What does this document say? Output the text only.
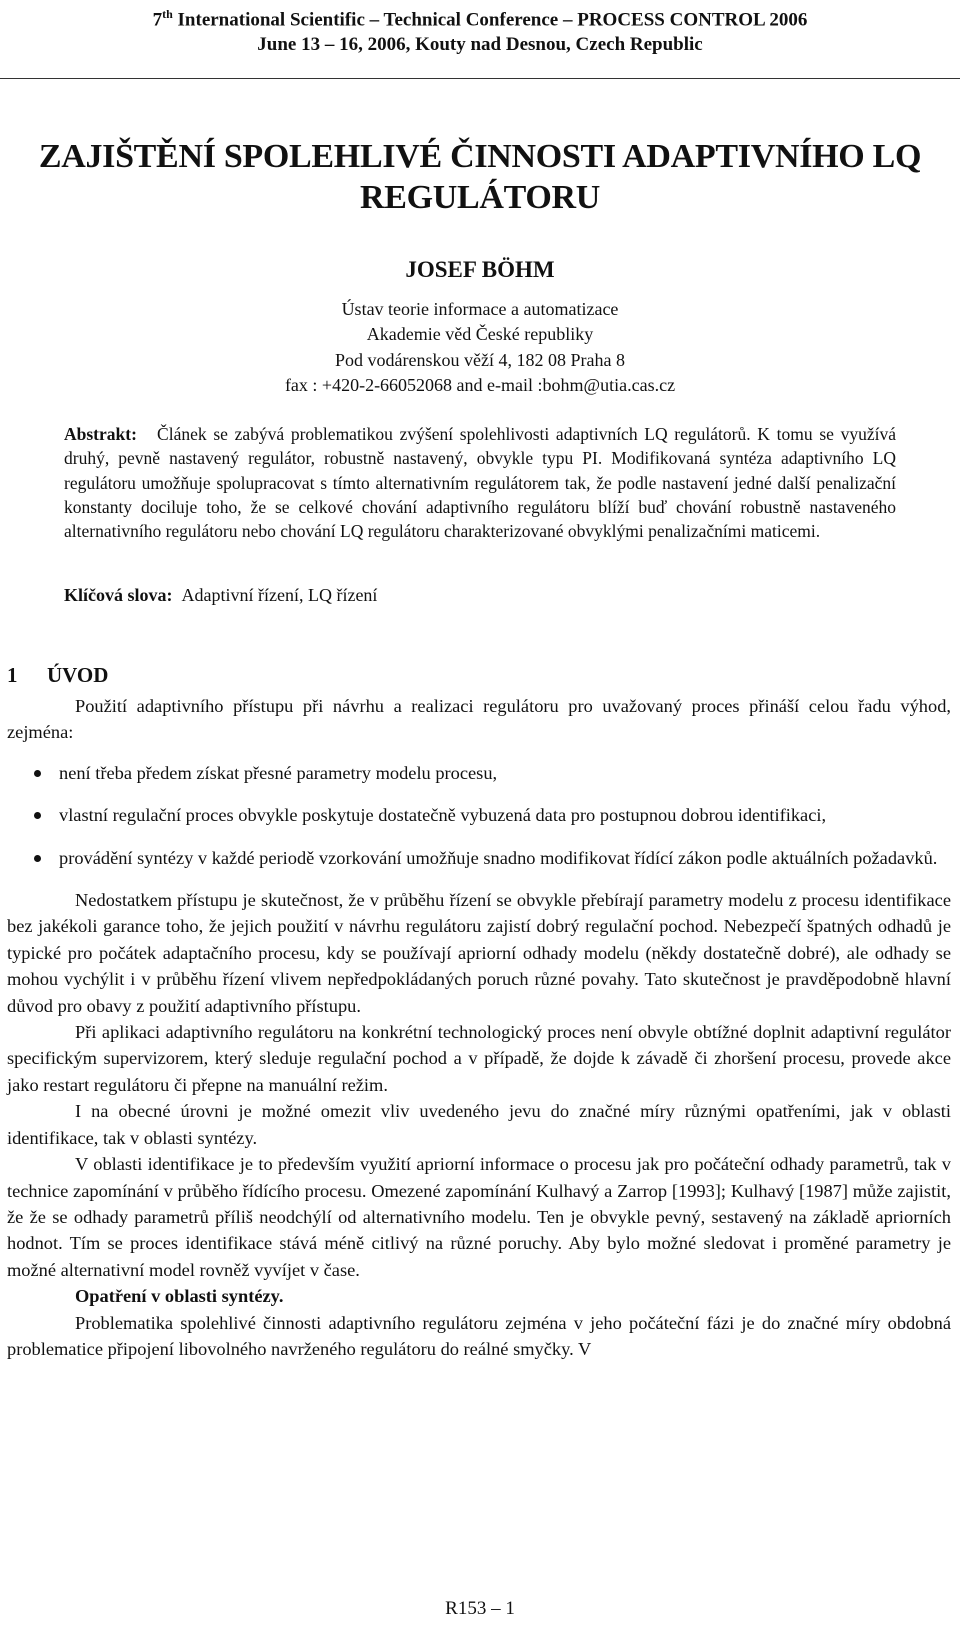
7th International Scientific – Technical Conference – PROCESS CONTROL 2006
June 13 – 16, 2006, Kouty nad Desnou, Czech Republic
ZAJIŠTĚNÍ SPOLEHLIVÉ ČINNOSTI ADAPTIVNÍHO LQ
REGULÁTORU
JOSEF BÖHM
Ústav teorie informace a automatizace
Akademie věd České republiky
Pod vodárenskou věží 4, 182 08 Praha 8
fax : +420-2-66052068 and e-mail :bohm@utia.cas.cz
Abstrakt: Článek se zabývá problematikou zvýšení spolehlivosti adaptivních LQ regulátorů. K tomu se využívá druhý, pevně nastavený regulátor, robustně nastavený, obvykle typu PI. Modifikovaná syntéza adaptivního LQ regulátoru umožňuje spolupracovat s tímto alternativním regulátorem tak, že podle nastavení jedné další penalizační konstanty dociluje toho, že se celkové chování adaptivního regulátoru blíží buď chování robustně nastaveného alternativního regulátoru nebo chování LQ regulátoru charakterizované obvyklými penalizačními maticemi.
Klíčová slova: Adaptivní řízení, LQ řízení
1 ÚVOD

Použití adaptivního přístupu při návrhu a realizaci regulátoru pro uvažovaný proces přináší celou řadu výhod, zejména:

není třeba předem získat přesné parametry modelu procesu,
vlastní regulační proces obvykle poskytuje dostatečně vybuzená data pro postupnou dobrou identifikaci,
provádění syntézy v každé periodě vzorkování umožňuje snadno modifikovat řídící zákon podle aktuálních požadavků.

Nedostatkem přístupu je skutečnost, že v průběhu řízení se obvykle přebírají parametry modelu z procesu identifikace bez jakékoli garance toho, že jejich použití v návrhu regulátoru zajistí dobrý regulační pochod. Nebezpečí špatných odhadů je typické pro počátek adaptačního procesu, kdy se používají apriorní odhady modelu (někdy dostatečně dobré), ale odhady se mohou vychýlit i v průběhu řízení vlivem nepředpokládaných poruch různé povahy. Tato skutečnost je pravděpodobně hlavní důvod pro obavy z použití adaptivního přístupu.

Při aplikaci adaptivního regulátoru na konkrétní technologický proces není obvyle obtížné doplnit adaptivní regulátor specifickým supervizorem, který sleduje regulační pochod a v případě, že dojde k závadě či zhoršení procesu, provede akce jako restart regulátoru či přepne na manuální režim.

I na obecné úrovni je možné omezit vliv uvedeného jevu do značné míry různými opatřeními, jak v oblasti identifikace, tak v oblasti syntézy.

V oblasti identifikace je to především využití apriorní informace o procesu jak pro počáteční odhady parametrů, tak v technice zapomínání v průběho řídícího procesu. Omezené zapomínání Kulhavý a Zarrop [1993]; Kulhavý [1987] může zajistit, že že se odhady parametrů příliš neodchýlí od alternativního modelu. Ten je obvykle pevný, sestavený na základě apriorních hodnot. Tím se proces identifikace stává méně citlivý na různé poruchy. Aby bylo možné sledovat i proměné parametry je možné alternativní model rovněž vyvíjet v čase.

Opatření v oblasti syntézy.

Problematika spolehlivé činnosti adaptivního regulátoru zejména v jeho počáteční fázi je do značné míry obdobná problematice připojení libovolného navrženého regulátoru do reálné smyčky. V

R153 – 1
